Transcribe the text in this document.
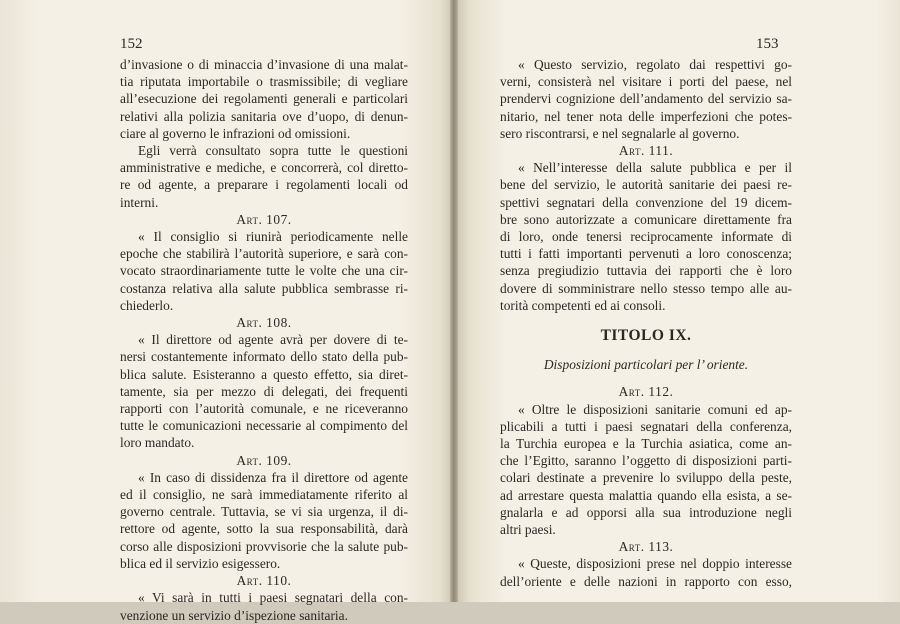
152	153
d’invasione o di minaccia d’invasione di una malat-
tia riputata importabile o trasmissibile; di vegliare
all’esecuzione dei regolamenti generali e particolari
relativi alla polizia sanitaria ove d’uopo, di denun-
ciare al governo le infrazioni od omissioni.
Egli verrà consultato sopra tutte le questioni
amministrative e mediche, e concorrerà, col diretto-
re od agente, a preparare i regolamenti locali od
interni.
Art. 107.
« Il consiglio si riunirà periodicamente nelle
epoche che stabilirà l’autorità superiore, e sarà con-
vocato straordinariamente tutte le volte che una cir-
costanza relativa alla salute pubblica sembrasse ri-
chiederlo.
Art. 108.
« Il direttore od agente avrà per dovere di te-
nersi costantemente informato dello stato della pub-
blica salute. Esisteranno a questo effetto, sia diret-
tamente, sia per mezzo di delegati, dei frequenti
rapporti con l’autorità comunale, e ne riceveranno
tutte le comunicazioni necessarie al compimento del
loro mandato.
Art. 109.
« In caso di dissidenza fra il direttore od agente
ed il consiglio, ne sarà immediatamente riferito al
governo centrale. Tuttavia, se vi sia urgenza, il di-
rettore od agente, sotto la sua responsabilità, darà
corso alle disposizioni provvisorie che la salute pub-
blica ed il servizio esigessero.
Art. 110.
« Vi sarà in tutti i paesi segnatari della con-
venzione un servizio d’ispezione sanitaria.
« Questo servizio, regolato dai respettivi go-
verni, consisterà nel visitare i porti del paese, nel
prendervi cognizione dell’andamento del servizio sa-
nitario, nel tener nota delle imperfezioni che potes-
sero riscontrarsi, e nel segnalarle al governo.
Art. 111.
« Nell’interesse della salute pubblica e per il
bene del servizio, le autorità sanitarie dei paesi re-
spettivi segnatari della convenzione del 19 dicem-
bre sono autorizzate a comunicare direttamente fra
di loro, onde tenersi reciprocamente informate di
tutti i fatti importanti pervenuti a loro conoscenza;
senza pregiudizio tuttavia dei rapporti che è loro
dovere di somministrare nello stesso tempo alle au-
torità competenti ed ai consoli.
TITOLO IX.
Disposizioni particolari per l’ oriente.
Art. 112.
« Oltre le disposizioni sanitarie comuni ed ap-
plicabili a tutti i paesi segnatari della conferenza,
la Turchia europea e la Turchia asiatica, come an-
che l’Egitto, saranno l’oggetto di disposizioni parti-
colari destinate a prevenire lo sviluppo della peste,
ad arrestare questa malattia quando ella esista, a se-
gnalarla e ad opporsi alla sua introduzione negli
altri paesi.
Art. 113.
« Queste, disposizioni prese nel doppio interesse
dell’oriente e delle nazioni in rapporto con esso,
